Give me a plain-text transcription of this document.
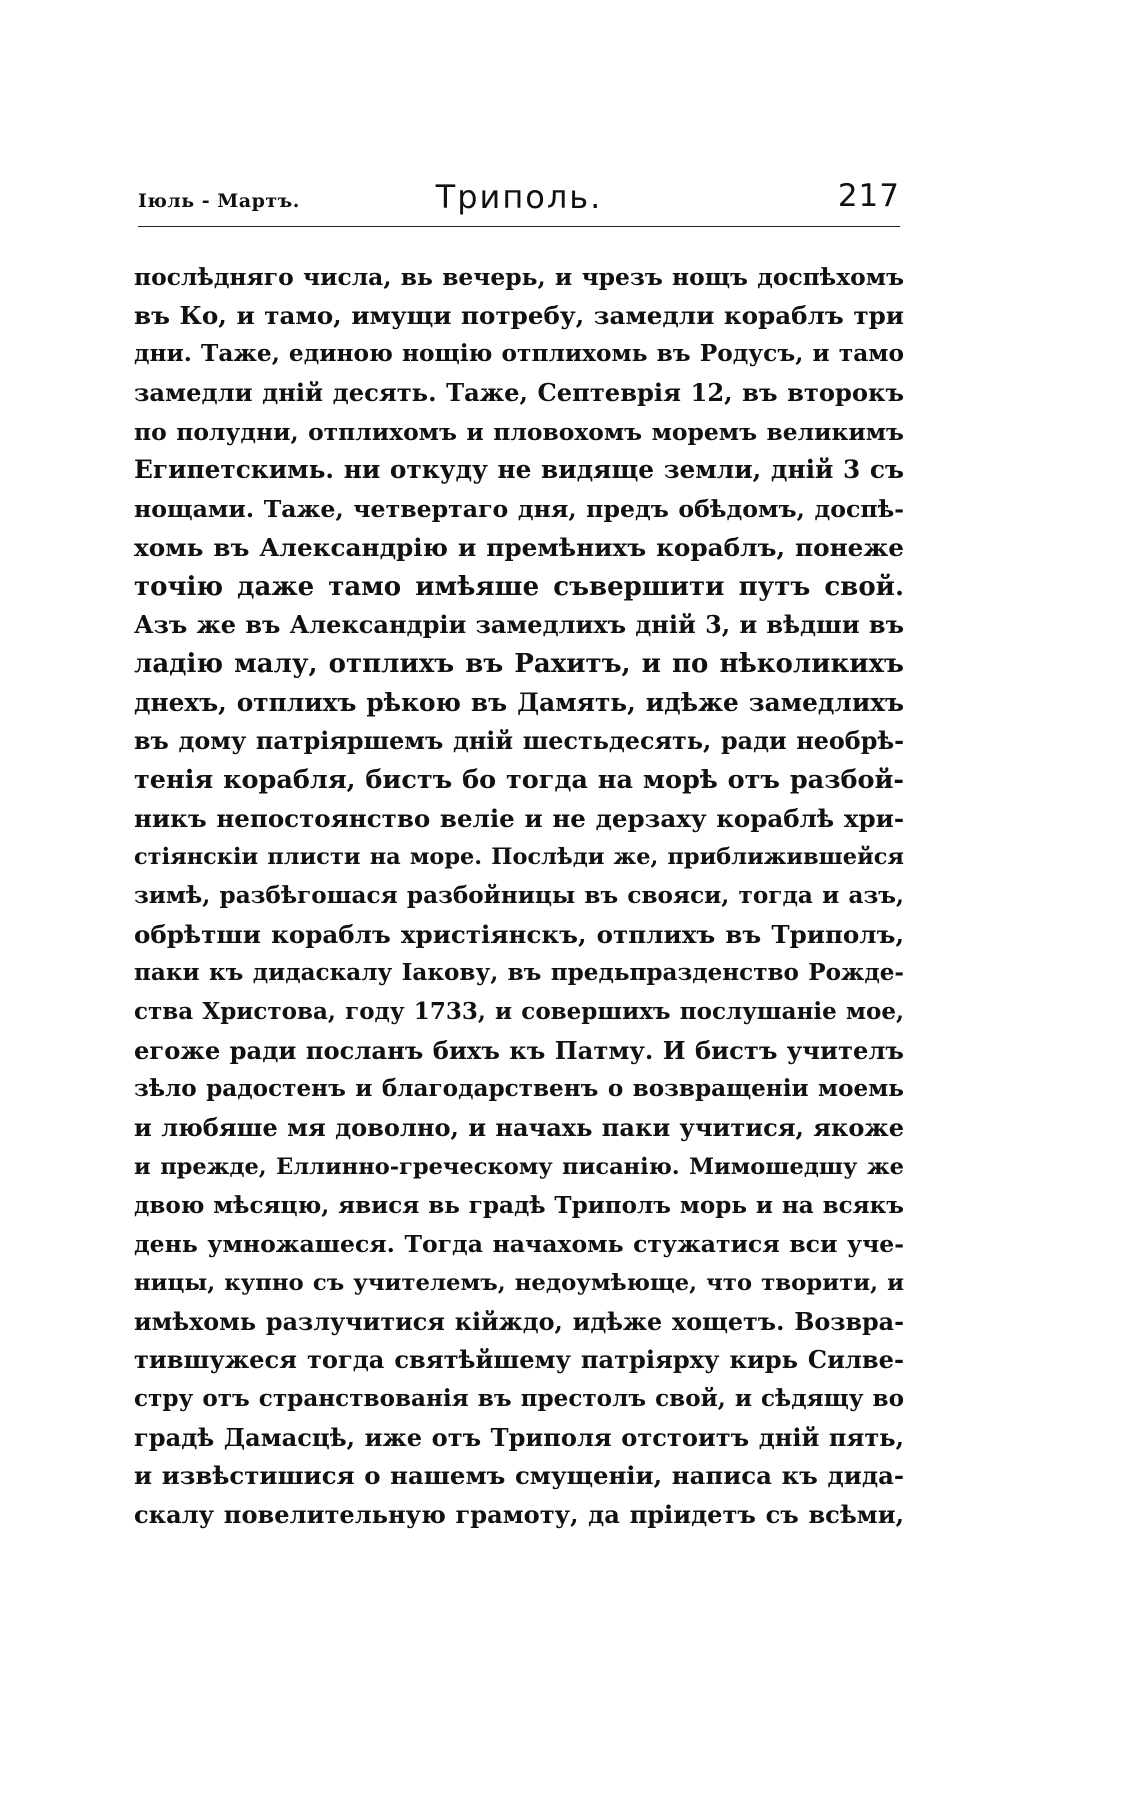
Іюль - Мартъ.	Триполь.	217
послѣдняго числа, вь вечерь, и чрезъ нощъ доспѣхомъ
въ Ко, и тамо, имущи потребу, замедли кораблъ три
дни. Таже, единою нощію отплихомь въ Родусъ, и тамо
замедли дній десять. Таже, Септеврія 12, въ второкъ
по полудни, отплихомъ и пловохомъ моремъ великимъ
Египетскимь. ни откуду не видяще земли, дній 3 съ
нощами. Таже, четвертаго дня, предъ обѣдомъ, доспѣ-
хомь въ Александрію и премѣнихъ кораблъ, понеже
точію даже тамо имѣяше съвершити путъ свой.
Азъ же въ Александріи замедлихъ дній 3, и вѣдши въ
ладію малу, отплихъ въ Рахитъ, и по нѣколикихъ
днехъ, отплихъ рѣкою въ Дамять, идѣже замедлихъ
въ дому патріяршемъ дній шестьдесять, ради необрѣ-
тенія корабля, бистъ бо тогда на морѣ отъ разбой-
никъ непостоянство веліе и не дерзаху кораблѣ хри-
стіянскіи плисти на море. Послѣди же, приближившейся
зимѣ, разбѣгошася разбойницы въ свояси, тогда и азъ,
обрѣтши кораблъ христіянскъ, отплихъ въ Триполъ,
паки къ дидаскалу Іакову, въ предьпразденство Рожде-
ства Христова, году 1733, и совершихъ послушаніе мое,
егоже ради посланъ бихъ къ Патму. И бистъ учителъ
зѣло радостенъ и благодарственъ о возвращеніи моемь
и любяше мя доволно, и начахь паки учитися, якоже
и прежде, Еллинно-греческому писанію. Мимошедшу же
двою мѣсяцю, явися вь градѣ Триполъ морь и на всякъ
день умножашеся. Тогда начахомь стужатися вси уче-
ницы, купно съ учителемъ, недоумѣюще, что творити, и
имѣхомь разлучитися кійждо, идѣже хощетъ. Возвра-
тившужеся тогда святѣйшему патріярху кирь Силве-
стру отъ странствованія въ престолъ свой, и сѣдящу во
градѣ Дамасцѣ, иже отъ Триполя отстоитъ дній пять,
и извѣстишися о нашемъ смущеніи, написа къ дида-
скалу повелительную грамоту, да пріидетъ съ всѣми,
